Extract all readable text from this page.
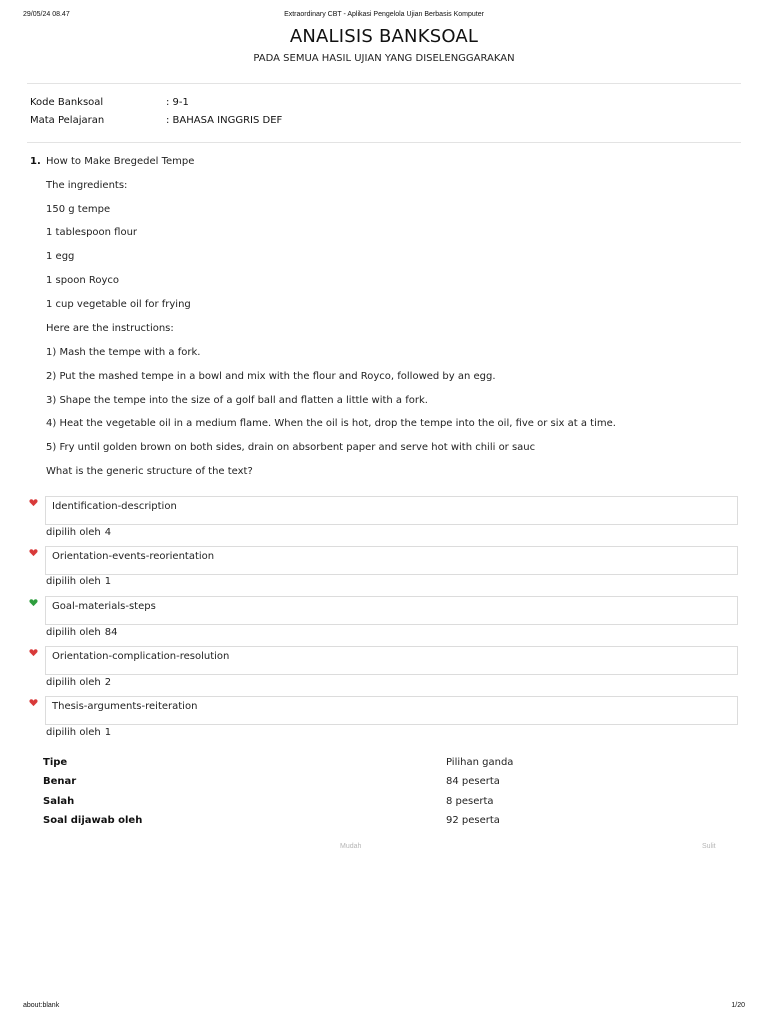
29/05/24 08.47	Extraordinary CBT - Aplikasi Pengelola Ujian Berbasis Komputer
ANALISIS BANKSOAL
PADA SEMUA HASIL UJIAN YANG DISELENGGARAKAN
Kode Banksoal	: 9-1
Mata Pelajaran	: BAHASA INGGRIS DEF
1. How to Make Bregedel Tempe
The ingredients:
150 g tempe
1 tablespoon flour
1 egg
1 spoon Royco
1 cup vegetable oil for frying
Here are the instructions:
1) Mash the tempe with a fork.
2) Put the mashed tempe in a bowl and mix with the flour and Royco, followed by an egg.
3) Shape the tempe into the size of a golf ball and flatten a little with a fork.
4) Heat the vegetable oil in a medium flame. When the oil is hot, drop the tempe into the oil, five or six at a time.
5) Fry until golden brown on both sides, drain on absorbent paper and serve hot with chili or sauc
What is the generic structure of the text?
Identification-description
dipilih oleh 4
Orientation-events-reorientation
dipilih oleh 1
Goal-materials-steps
dipilih oleh 84
Orientation-complication-resolution
dipilih oleh 2
Thesis-arguments-reiteration
dipilih oleh 1
Tipe	Pilihan ganda
Benar	84 peserta
Salah	8 peserta
Soal dijawab oleh	92 peserta
Mudah	Sulit
about:blank	1/20
